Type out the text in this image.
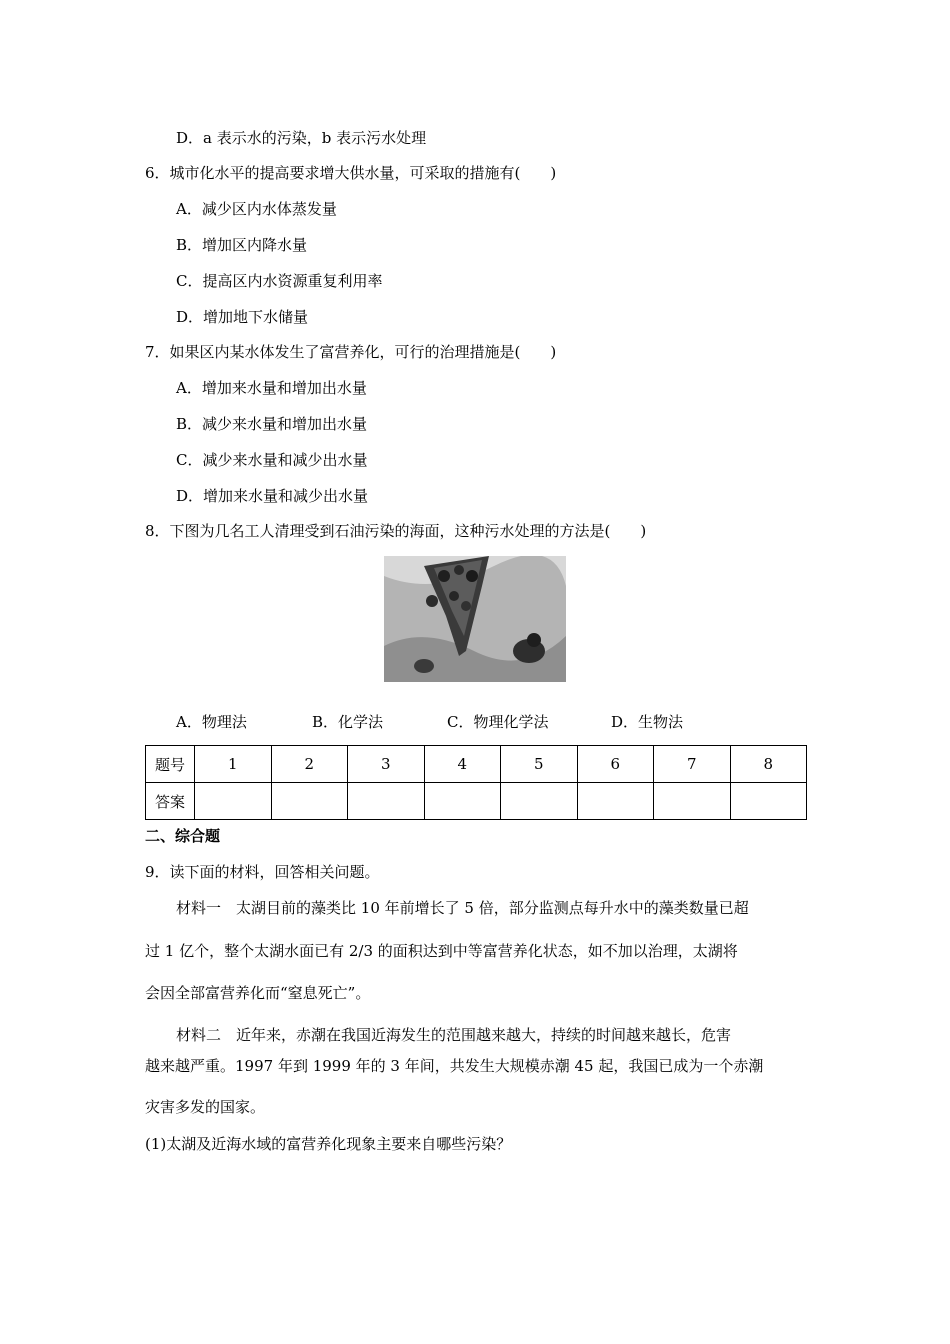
D．a 表示水的污染，b 表示污水处理
6．城市化水平的提高要求增大供水量，可采取的措施有(　　)
A．减少区内水体蒸发量
B．增加区内降水量
C．提高区内水资源重复利用率
D．增加地下水储量
7．如果区内某水体发生了富营养化，可行的治理措施是(　　)
A．增加来水量和增加出水量
B．减少来水量和增加出水量
C．减少来水量和减少出水量
D．增加来水量和减少出水量
8．下图为几名工人清理受到石油污染的海面，这种污水处理的方法是(　　)
A．物理法	B．化学法	C．物理化学法	D．生物法
题号	1	2	3	4	5	6	7	8
答案								
二、综合题
9．读下面的材料，回答相关问题。
材料一　太湖目前的藻类比 10 年前增长了 5 倍，部分监测点每升水中的藻类数量已超
过 1 亿个，整个太湖水面已有 2/3 的面积达到中等富营养化状态，如不加以治理，太湖将
会因全部富营养化而“窒息死亡”。
材料二　近年来，赤潮在我国近海发生的范围越来越大，持续的时间越来越长，危害
越来越严重。1997 年到 1999 年的 3 年间，共发生大规模赤潮 45 起，我国已成为一个赤潮
灾害多发的国家。
(1)太湖及近海水域的富营养化现象主要来自哪些污染？
